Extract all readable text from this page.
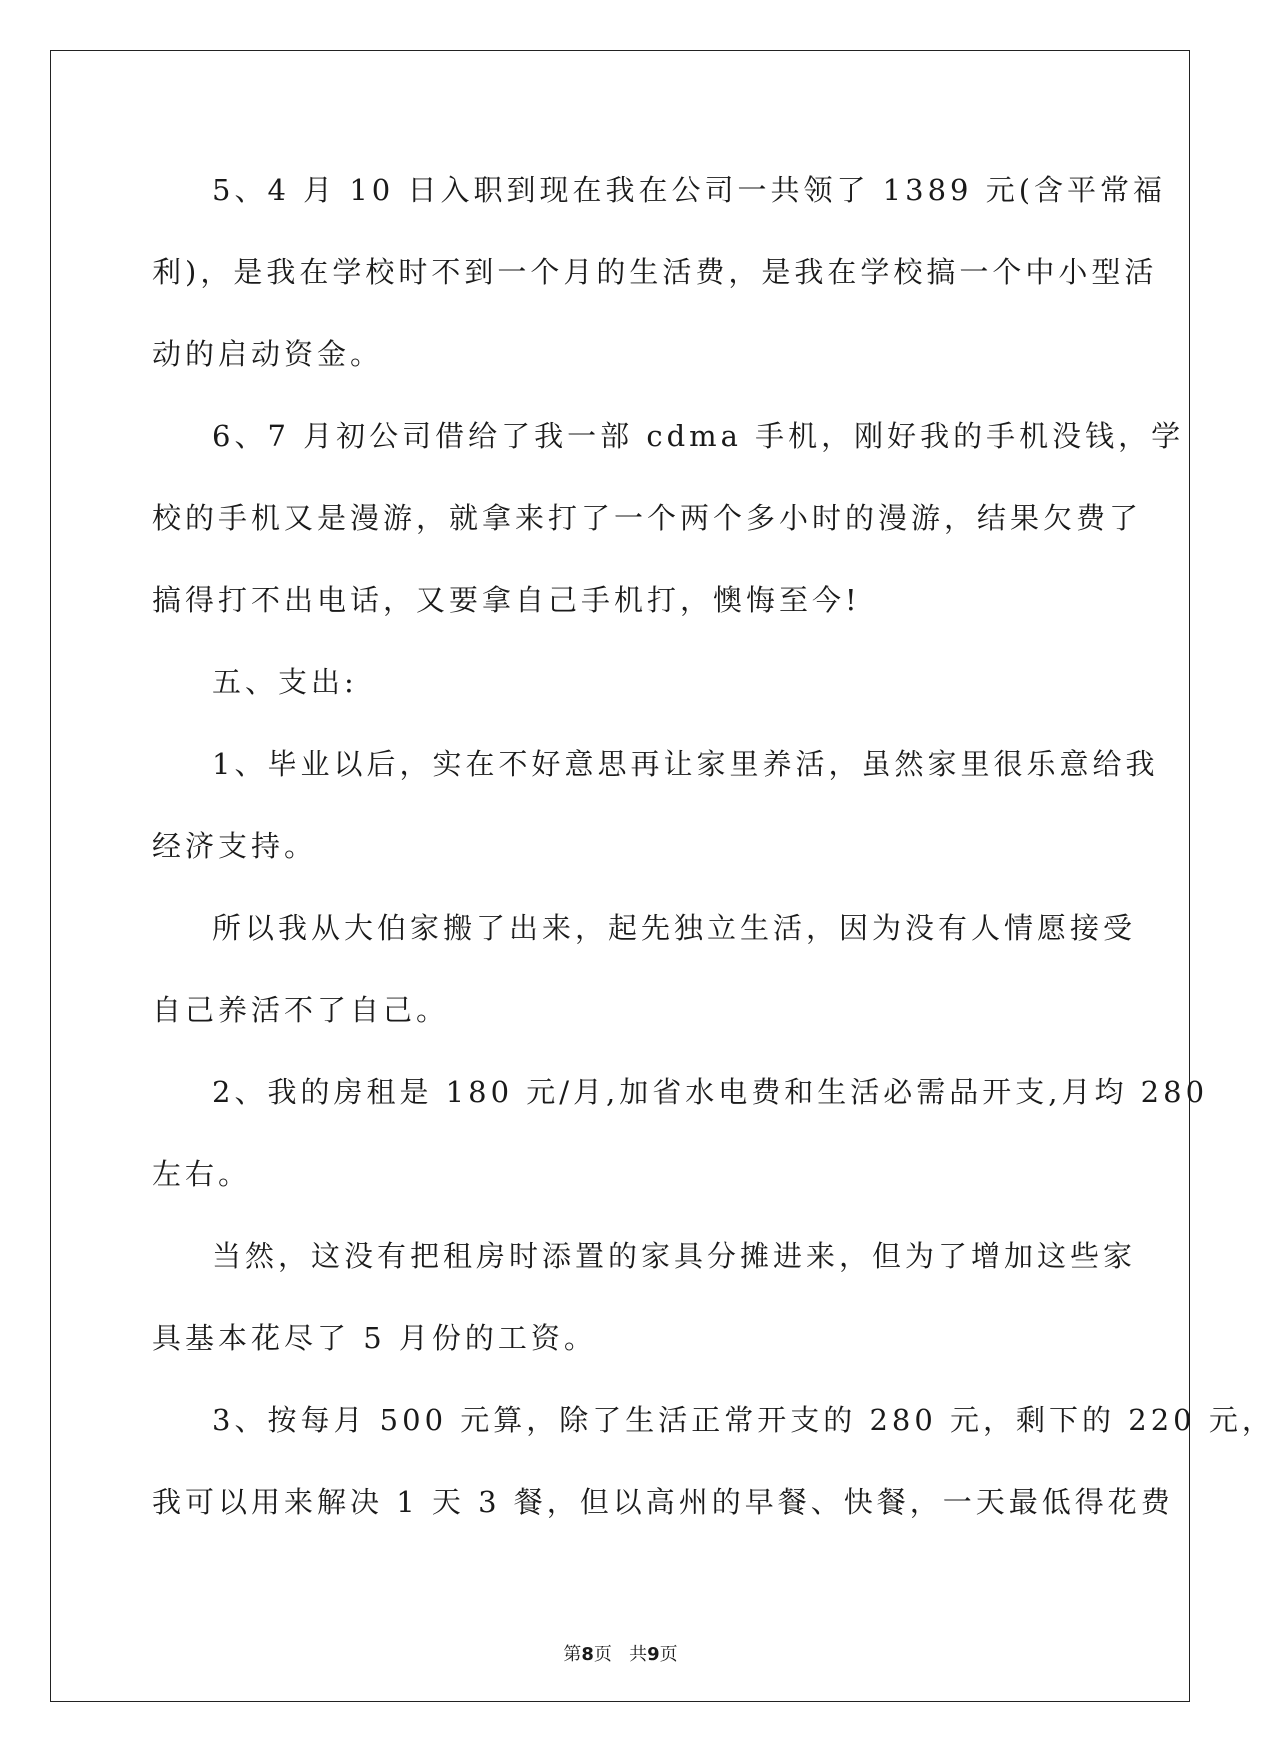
5、4 月 10 日入职到现在我在公司一共领了 1389 元(含平常福
利)，是我在学校时不到一个月的生活费，是我在学校搞一个中小型活
动的启动资金。
6、7 月初公司借给了我一部 cdma 手机，刚好我的手机没钱，学
校的手机又是漫游，就拿来打了一个两个多小时的漫游，结果欠费了
搞得打不出电话，又要拿自己手机打，懊悔至今!
五、支出:
1、毕业以后，实在不好意思再让家里养活，虽然家里很乐意给我
经济支持。
所以我从大伯家搬了出来，起先独立生活，因为没有人情愿接受
自己养活不了自己。
2、我的房租是 180 元/月,加省水电费和生活必需品开支,月均 280
左右。
当然，这没有把租房时添置的家具分摊进来，但为了增加这些家
具基本花尽了 5 月份的工资。
3、按每月 500 元算，除了生活正常开支的 280 元，剩下的 220 元，
我可以用来解决 1 天 3 餐，但以高州的早餐、快餐，一天最低得花费
第8页 共9页
